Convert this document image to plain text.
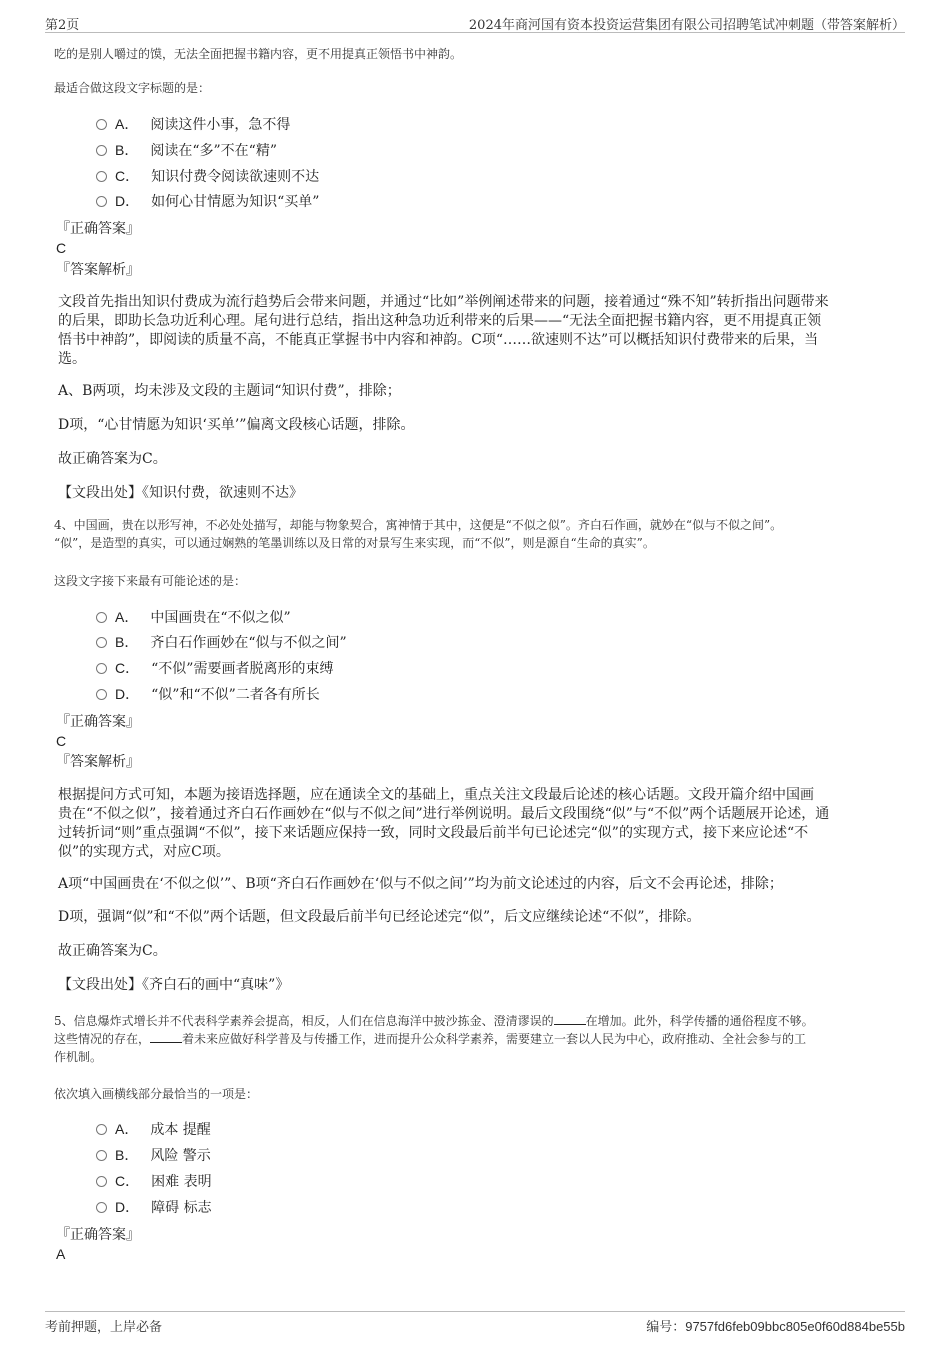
第2页	2024年商河国有资本投资运营集团有限公司招聘笔试冲刺题（带答案解析）
吃的是别人嚼过的馍，无法全面把握书籍内容，更不用提真正领悟书中神韵。
最适合做这段文字标题的是：
A． 阅读这件小事，急不得
B． 阅读在“多”不在“精”
C． 知识付费令阅读欲速则不达
D． 如何心甘情愿为知识“买单”
『正确答案』
C
『答案解析』
文段首先指出知识付费成为流行趋势后会带来问题，并通过“比如”举例阐述带来的问题，接着通过“殊不知”转折指出问题带来
的后果，即助长急功近利心理。尾句进行总结，指出这种急功近利带来的后果——“无法全面把握书籍内容，更不用提真正领
悟书中神韵”，即阅读的质量不高，不能真正掌握书中内容和神韵。C项“……欲速则不达”可以概括知识付费带来的后果，当
选。
A、B两项，均未涉及文段的主题词“知识付费”，排除；
D项，“心甘情愿为知识‘买单’”偏离文段核心话题，排除。
故正确答案为C。
【文段出处】《知识付费，欲速则不达》
4、中国画，贵在以形写神，不必处处描写，却能与物象契合，寓神情于其中，这便是“不似之似”。齐白石作画，就妙在“似与不似之间”。
“似”，是造型的真实，可以通过娴熟的笔墨训练以及日常的对景写生来实现，而“不似”，则是源自“生命的真实”。
这段文字接下来最有可能论述的是：
A． 中国画贵在“不似之似”
B． 齐白石作画妙在“似与不似之间”
C． “不似”需要画者脱离形的束缚
D． “似”和“不似”二者各有所长
『正确答案』
C
『答案解析』
根据提问方式可知，本题为接语选择题，应在通读全文的基础上，重点关注文段最后论述的核心话题。文段开篇介绍中国画
贵在“不似之似”，接着通过齐白石作画妙在“似与不似之间”进行举例说明。最后文段围绕“似”与“不似”两个话题展开论述，通
过转折词“则”重点强调“不似”，接下来话题应保持一致，同时文段最后前半句已论述完“似”的实现方式，接下来应论述“不
似”的实现方式，对应C项。
A项“中国画贵在‘不似之似’”、B项“齐白石作画妙在‘似与不似之间’”均为前文论述过的内容，后文不会再论述，排除；
D项，强调“似”和“不似”两个话题，但文段最后前半句已经论述完“似”，后文应继续论述“不似”，排除。
故正确答案为C。
【文段出处】《齐白石的画中“真味”》
5、信息爆炸式增长并不代表科学素养会提高，相反，人们在信息海洋中披沙拣金、澄清谬误的	在增加。此外，科学传播的通俗程度不够。
这些情况的存在，	着未来应做好科学普及与传播工作，进而提升公众科学素养，需要建立一套以人民为中心，政府推动、全社会参与的工
作机制。
依次填入画横线部分最恰当的一项是：
A． 成本 提醒
B． 风险 警示
C． 困难 表明
D． 障碍 标志
『正确答案』
A
考前押题，上岸必备	编号：9757fd6feb09bbc805e0f60d884be55b
